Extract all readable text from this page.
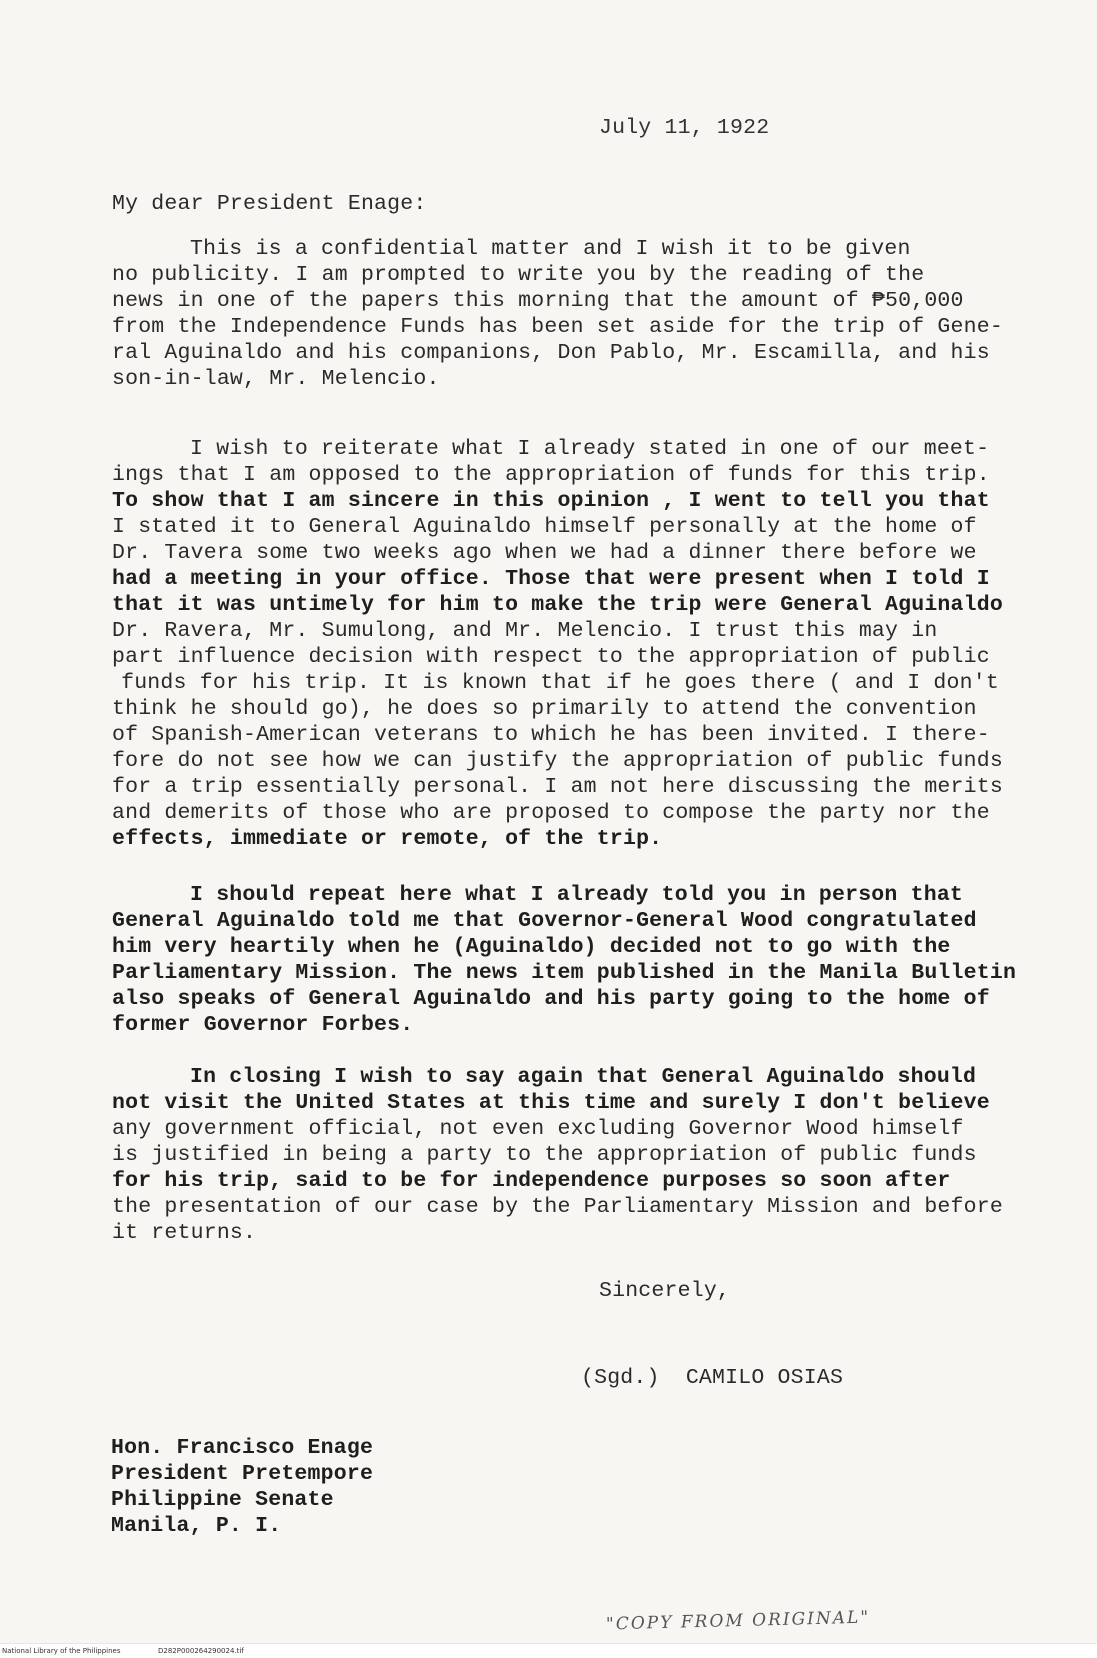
July 11, 1922
My dear President Enage:
This is a confidential matter and I wish it to be given
no publicity. I am prompted to write you by the reading of the
news in one of the papers this morning that the amount of ₱50,000
from the Independence Funds has been set aside for the trip of Gene-
ral Aguinaldo and his companions, Don Pablo, Mr. Escamilla, and his
son-in-law, Mr. Melencio.
I wish to reiterate what I already stated in one of our meet-
ings that I am opposed to the appropriation of funds for this trip.
To show that I am sincere in this opinion , I went to tell you that
I stated it to General Aguinaldo himself personally at the home of
Dr. Tavera some two weeks ago when we had a dinner there before we
had a meeting in your office. Those that were present when I told I
that it was untimely for him to make the trip were General Aguinaldo
Dr. Ravera, Mr. Sumulong, and Mr. Melencio. I trust this may in
part influence decision with respect to the appropriation of public
funds for his trip. It is known that if he goes there ( and I don't
think he should go), he does so primarily to attend the convention
of Spanish-American veterans to which he has been invited. I there-
fore do not see how we can justify the appropriation of public funds
for a trip essentially personal. I am not here discussing the merits
and demerits of those who are proposed to compose the party nor the
effects, immediate or remote, of the trip.
I should repeat here what I already told you in person that
General Aguinaldo told me that Governor-General Wood congratulated
him very heartily when he (Aguinaldo) decided not to go with the
Parliamentary Mission. The news item published in the Manila Bulletin
also speaks of General Aguinaldo and his party going to the home of
former Governor Forbes.
In closing I wish to say again that General Aguinaldo should
not visit the United States at this time and surely I don't believe
any government official, not even excluding Governor Wood himself
is justified in being a party to the appropriation of public funds
for his trip, said to be for independence purposes so soon after
the presentation of our case by the Parliamentary Mission and before
it returns.
Sincerely,
(Sgd.)  CAMILO OSIAS
Hon. Francisco Enage
President Pretempore
Philippine Senate
Manila, P. I.
"COPY FROM ORIGINAL"
National Library of the Philippines	D282P000264290024.tif
